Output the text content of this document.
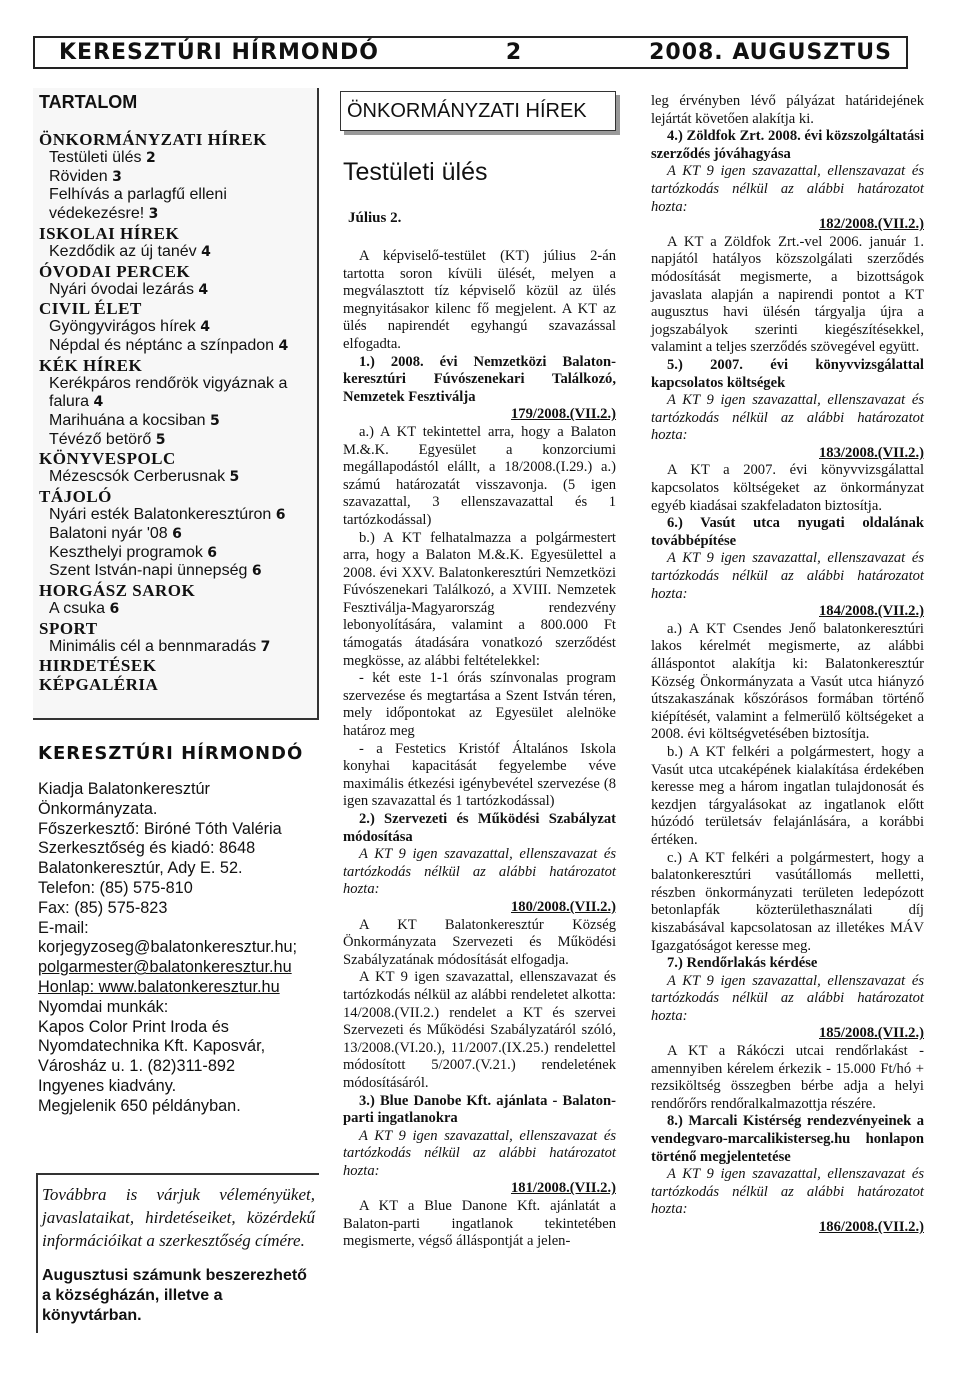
KERESZTÚRI HÍRMONDÓ	2	2008. AUGUSZTUS
TARTALOM
ÖNKORMÁNYZATI HÍREK
Testületi ülés 2
Röviden 3
Felhívás a parlagfű elleni védekezésre! 3
ISKOLAI HÍREK
Kezdődik az új tanév 4
ÓVODAI PERCEK
Nyári óvodai lezárás 4
CIVIL ÉLET
Gyöngyvirágos hírek 4
Népdal és néptánc a színpadon 4
KÉK HÍREK
Kerékpáros rendőrök vigyáznak a falura 4
Marihuána a kocsiban 5
Tévéző betörő 5
KÖNYVESPOLC
Mézescsók Cerberusnak 5
TÁJOLÓ
Nyári esték Balatonkeresztúron 6
Balatoni nyár '08 6
Keszthelyi programok 6
Szent István-napi ünnepség 6
HORGÁSZ SAROK
A csuka 6
SPORT
Minimális cél a bennmaradás 7
HIRDETÉSEK
KÉPGALÉRIA
KERESZTÚRI HÍRMONDÓ
Kiadja Balatonkeresztúr
Önkormányzata.
Főszerkesztő: Biróné Tóth Valéria
Szerkesztőség és kiadó: 8648
Balatonkeresztúr, Ady E. 52.
Telefon: (85) 575-810
Fax: (85) 575-823
E-mail:
korjegyzoseg@balatonkeresztur.hu;
polgarmester@balatonkeresztur.hu
Honlap: www.balatonkeresztur.hu
Nyomdai munkák:
Kapos Color Print Iroda és
Nyomdatechnika Kft. Kaposvár,
Városház u. 1. (82)311-892
Ingyenes kiadvány.
Megjelenik 650 példányban.
Továbbra is várjuk véleményüket, javaslataikat, hirdetéseiket, közérdekű információikat a szerkesztőség címére.
Augusztusi számunk beszerezhető a községházán, illetve a könyvtárban.
ÖNKORMÁNYZATI HÍREK
Testületi ülés
Július 2.

A képviselő-testület (KT) július 2-án tartotta soron kívüli ülését, melyen a megválasztott tíz képviselő közül az ülés megnyitásakor kilenc fő megjelent. A KT az ülés napirendét egyhangú szavazással elfogadta.

1.) 2008. évi Nemzetközi Balaton-keresztúri Fúvószenekari Találkozó, Nemzetek Fesztiválja

179/2008.(VII.2.)

a.) A KT tekintettel arra, hogy a Balaton M.&.K. Egyesület a konzorciumi megállapodástól elállt, a 18/2008.(I.29.) a.) számú határozatát visszavonja. (5 igen szavazattal, 3 ellenszavazattal és 1 tartózkodással)

b.) A KT felhatalmazza a polgármestert arra, hogy a Balaton M.&.K. Egyesülettel a 2008. évi XXV. Balatonkeresztúri Nemzetközi Fúvószenekari Találkozó, a XVIII. Nemzetek Fesztiválja-Magyarország rendezvény lebonyolítására, valamint a 800.000 Ft támogatás átadására vonatkozó szerződést megkösse, az alábbi feltételekkel:

- két este 1-1 órás színvonalas program szervezése és megtartása a Szent István téren, mely időpontokat az Egyesület alelnöke határoz meg

- a Festetics Kristóf Általános Iskola konyhai kapacitását fegyelembe véve maximális étkezési igénybevétel szervezése (8 igen szavazattal és 1 tartózkodással)

2.) Szervezeti és Működési Szabályzat módosítása

A KT 9 igen szavazattal, ellenszavazat és tartózkodás nélkül az alábbi határozatot hozta:

180/2008.(VII.2.)

A KT Balatonkeresztúr Község Önkormányzata Szervezeti és Működési Szabályzatának módosítását elfogadja.

A KT 9 igen szavazattal, ellenszavazat és tartózkodás nélkül az alábbi rendeletet alkotta: 14/2008.(VII.2.) rendelet a KT és szervei Szervezeti és Működési Szabályzatáról szóló, 13/2008.(VI.20.), 11/2007.(IX.25.) rendelettel módosított 5/2007.(V.21.) rendeletének módosításáról.

3.) Blue Danobe Kft. ajánlata - Balaton-parti ingatlanokra

A KT 9 igen szavazattal, ellenszavazat és tartózkodás nélkül az alábbi határozatot hozta:

181/2008.(VII.2.)

A KT a Blue Danone Kft. ajánlatát a Balaton-parti ingatlanok tekintetében megismerte, végső álláspontját a jelen-

leg érvényben lévő pályázat határidejének lejártát követően alakítja ki.

4.) Zöldfok Zrt. 2008. évi közszolgáltatási szerződés jóváhagyása

A KT 9 igen szavazattal, ellenszavazat és tartózkodás nélkül az alábbi határozatot hozta:

182/2008.(VII.2.)

A KT a Zöldfok Zrt.-vel 2006. január 1. napjától hatályos közszolgálati szerződés módosítását megismerte, a bizottságok javaslata alapján a napirendi pontot a KT augusztus havi ülésén tárgyalja újra a jogszabályok szerinti kiegészítésekkel, valamint a teljes szerződés szövegével együtt.

5.) 2007. évi könyvvizsgálattal kapcsolatos költségek

A KT 9 igen szavazattal, ellenszavazat és tartózkodás nélkül az alábbi határozatot hozta:

183/2008.(VII.2.)

A KT a 2007. évi könyvvizsgálattal kapcsolatos költségeket az önkormányzat egyéb kiadásai szakfeladaton biztosítja.

6.) Vasút utca nyugati oldalának továbbépítése

A KT 9 igen szavazattal, ellenszavazat és tartózkodás nélkül az alábbi határozatot hozta:

184/2008.(VII.2.)

a.) A KT Csendes Jenő balatonkeresztúri lakos kérelmét megismerte, az alábbi álláspontot alakítja ki: Balatonkeresztúr Község Önkormányzata a Vasút utca hiányzó útszakaszának kőszórásos formában történő kiépítését, valamint a felmerülő költségeket a 2008. évi költségvetésében biztosítja.

b.) A KT felkéri a polgármestert, hogy a Vasút utca utcaképének kialakítása érdekében keresse meg a három ingatlan tulajdonosát és kezdjen tárgyalásokat az ingatlanok előtt húzódó területsáv felajánlására, a korábbi értéken.

c.) A KT felkéri a polgármestert, hogy a balatonkeresztúri vasútállomás melletti, részben önkormányzati területen ledepózott betonlapfák közterülethasználati díj kiszabásával kapcsolatosan az illetékes MÁV Igazgatóságot keresse meg.

7.) Rendőrlakás kérdése

A KT 9 igen szavazattal, ellenszavazat és tartózkodás nélkül az alábbi határozatot hozta:

185/2008.(VII.2.)

A KT a Rákóczi utcai rendőrlakást - amennyiben kérelem érkezik - 15.000 Ft/hó + rezsiköltség összegben bérbe adja a helyi rendőrőrs rendőralkalmazottja részére.

8.) Marcali Kistérség rendezvényeinek a vendegvaro-marcalikisterseg.hu honlapon történő megjelentetése

A KT 9 igen szavazattal, ellenszavazat és tartózkodás nélkül az alábbi határozatot hozta:

186/2008.(VII.2.)
